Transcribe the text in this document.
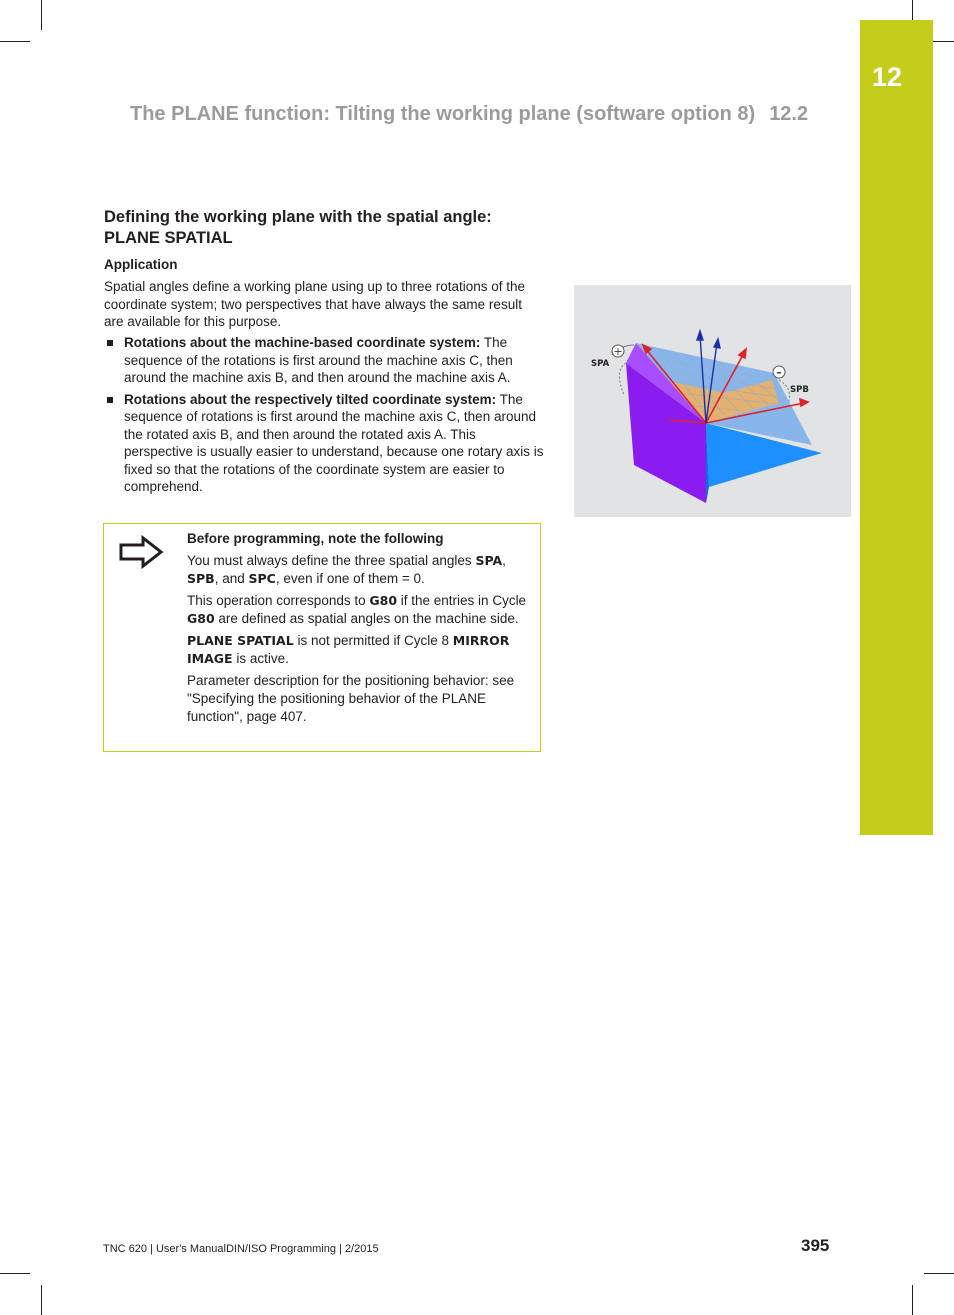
12
The PLANE function: Tilting the working plane (software option 8) 12.2
Defining the working plane with the spatial angle:
PLANE SPATIAL
Application
Spatial angles define a working plane using up to three rotations of the coordinate system; two perspectives that have always the same result are available for this purpose.
Rotations about the machine-based coordinate system: The sequence of the rotations is first around the machine axis C, then around the machine axis B, and then around the machine axis A.
Rotations about the respectively tilted coordinate system: The sequence of rotations is first around the machine axis C, then around the rotated axis B, and then around the rotated axis A. This perspective is usually easier to understand, because one rotary axis is fixed so that the rotations of the coordinate system are easier to comprehend.

Before programming, note the following

You must always define the three spatial angles SPA, SPB, and SPC, even if one of them = 0.

This operation corresponds to G80 if the entries in Cycle G80 are defined as spatial angles on the machine side.

PLANE SPATIAL is not permitted if Cycle 8 MIRROR IMAGE is active.

Parameter description for the positioning behavior: see "Specifying the positioning behavior of the PLANE function", page 407.

+
–
SPA
SPB
TNC 620 | User's ManualDIN/ISO Programming | 2/2015	395
